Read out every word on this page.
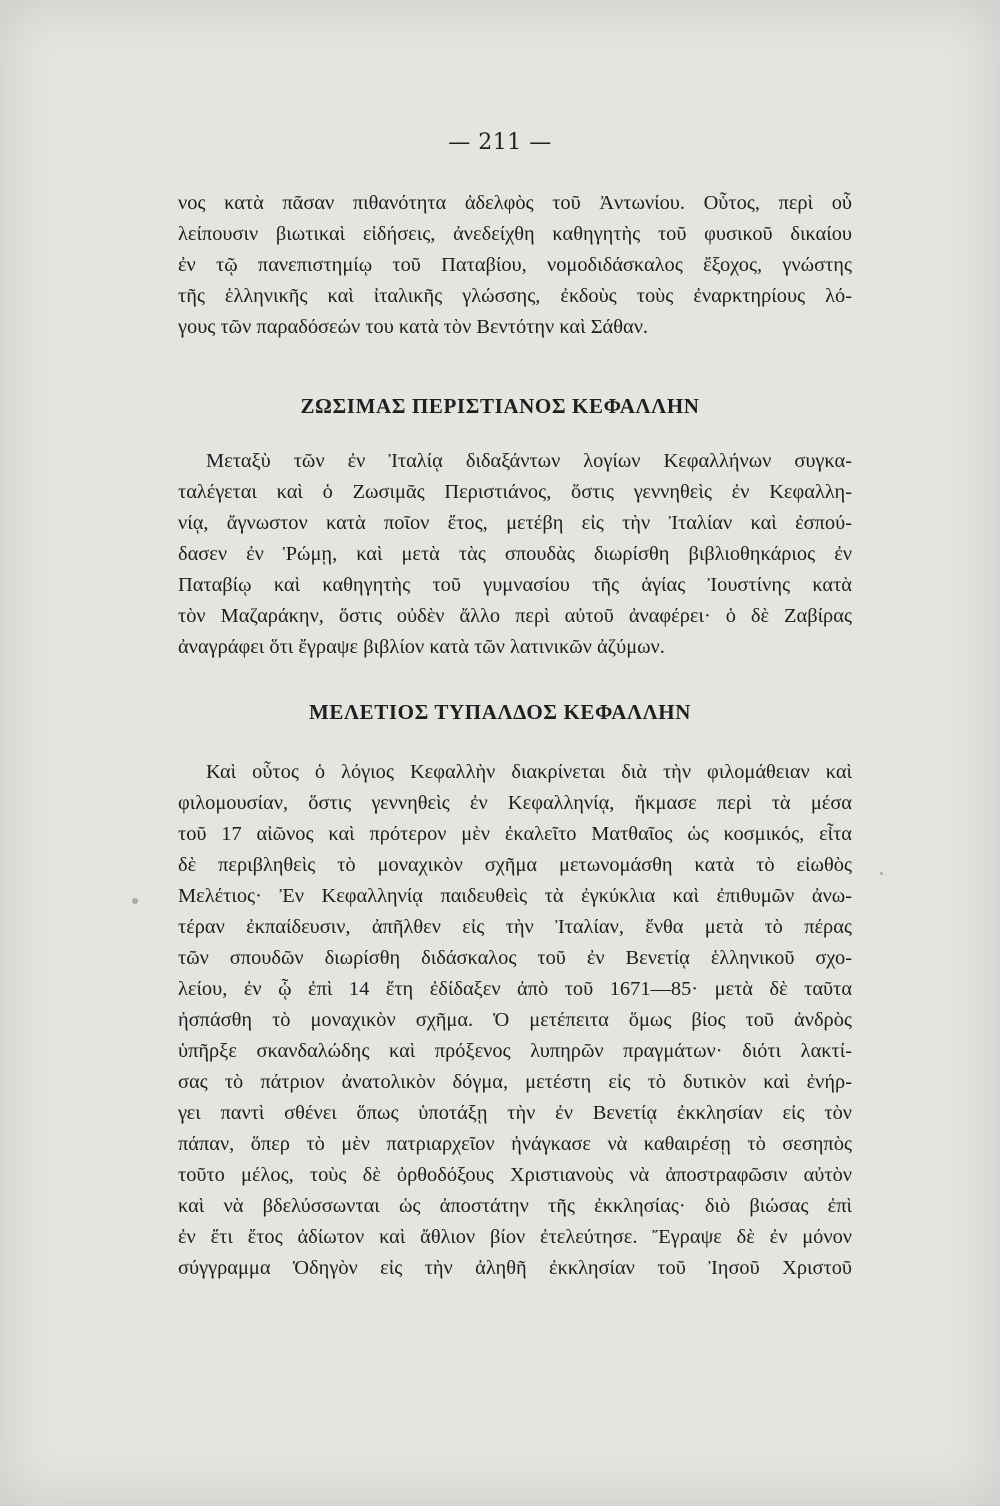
— 211 —
νος κατὰ πᾶσαν πιθανότητα ἀδελφὸς τοῦ Ἀντωνίου. Οὗτος, περὶ οὗ
λείπουσιν βιωτικαὶ εἰδήσεις, ἀνεδείχθη καθηγητὴς τοῦ φυσικοῦ δικαίου
ἐν τῷ πανεπιστημίῳ τοῦ Παταβίου, νομοδιδάσκαλος ἔξοχος, γνώστης
τῆς ἑλληνικῆς καὶ ἰταλικῆς γλώσσης, ἐκδοὺς τοὺς ἐναρκτηρίους λό-
γους τῶν παραδόσεών του κατὰ τὸν Βεντότην καὶ Σάθαν.
ΖΩΣΙΜΑΣ ΠΕΡΙΣΤΙΑΝΟΣ ΚΕΦΑΛΛΗΝ
Μεταξὺ τῶν ἐν Ἰταλίᾳ διδαξάντων λογίων Κεφαλλήνων συγκα-
ταλέγεται καὶ ὁ Ζωσιμᾶς Περιστιάνος, ὅστις γεννηθεὶς ἐν Κεφαλλη-
νίᾳ, ἄγνωστον κατὰ ποῖον ἔτος, μετέβη εἰς τὴν Ἰταλίαν καὶ ἐσπού-
δασεν ἐν Ῥώμῃ, καὶ μετὰ τὰς σπουδὰς διωρίσθη βιβλιοθηκάριος ἐν
Παταβίῳ καὶ καθηγητὴς τοῦ γυμνασίου τῆς ἁγίας Ἰουστίνης κατὰ
τὸν Μαζαράκην, ὅστις οὐδὲν ἄλλο περὶ αὐτοῦ ἀναφέρει· ὁ δὲ Ζαβίρας
ἀναγράφει ὅτι ἔγραψε βιβλίον κατὰ τῶν λατινικῶν ἀζύμων.
ΜΕΛΕΤΙΟΣ ΤΥΠΑΛΔΟΣ ΚΕΦΑΛΛΗΝ
Καὶ οὗτος ὁ λόγιος Κεφαλλὴν διακρίνεται διὰ τὴν φιλομάθειαν καὶ
φιλομουσίαν, ὅστις γεννηθεὶς ἐν Κεφαλληνίᾳ, ἤκμασε περὶ τὰ μέσα
τοῦ 17 αἰῶνος καὶ πρότερον μὲν ἐκαλεῖτο Ματθαῖος ὡς κοσμικός, εἶτα
δὲ περιβληθεὶς τὸ μοναχικὸν σχῆμα μετωνομάσθη κατὰ τὸ εἰωθὸς
Μελέτιος· Ἐν Κεφαλληνίᾳ παιδευθεὶς τὰ ἐγκύκλια καὶ ἐπιθυμῶν ἀνω-
τέραν ἐκπαίδευσιν, ἀπῆλθεν εἰς τὴν Ἰταλίαν, ἔνθα μετὰ τὸ πέρας
τῶν σπουδῶν διωρίσθη διδάσκαλος τοῦ ἐν Βενετίᾳ ἑλληνικοῦ σχο-
λείου, ἐν ᾧ ἐπὶ 14 ἔτη ἐδίδαξεν ἀπὸ τοῦ 1671—85· μετὰ δὲ ταῦτα
ἠσπάσθη τὸ μοναχικὸν σχῆμα. Ὁ μετέπειτα ὅμως βίος τοῦ ἀνδρὸς
ὑπῆρξε σκανδαλώδης καὶ πρόξενος λυπηρῶν πραγμάτων· διότι λακτί-
σας τὸ πάτριον ἀνατολικὸν δόγμα, μετέστη εἰς τὸ δυτικὸν καὶ ἐνήρ-
γει παντὶ σθένει ὅπως ὑποτάξῃ τὴν ἐν Βενετίᾳ ἐκκλησίαν εἰς τὸν
πάπαν, ὅπερ τὸ μὲν πατριαρχεῖον ἠνάγκασε νὰ καθαιρέσῃ τὸ σεσηπὸς
τοῦτο μέλος, τοὺς δὲ ὀρθοδόξους Χριστιανοὺς νὰ ἀποστραφῶσιν αὐτὸν
καὶ νὰ βδελύσσωνται ὡς ἀποστάτην τῆς ἐκκλησίας· διὸ βιώσας ἐπὶ
ἐν ἔτι ἔτος ἀδίωτον καὶ ἄθλιον βίον ἐτελεύτησε. Ἔγραψε δὲ ἐν μόνον
σύγγραμμα Ὁδηγὸν εἰς τὴν ἀληθῆ ἐκκλησίαν τοῦ Ἰησοῦ Χριστοῦ
